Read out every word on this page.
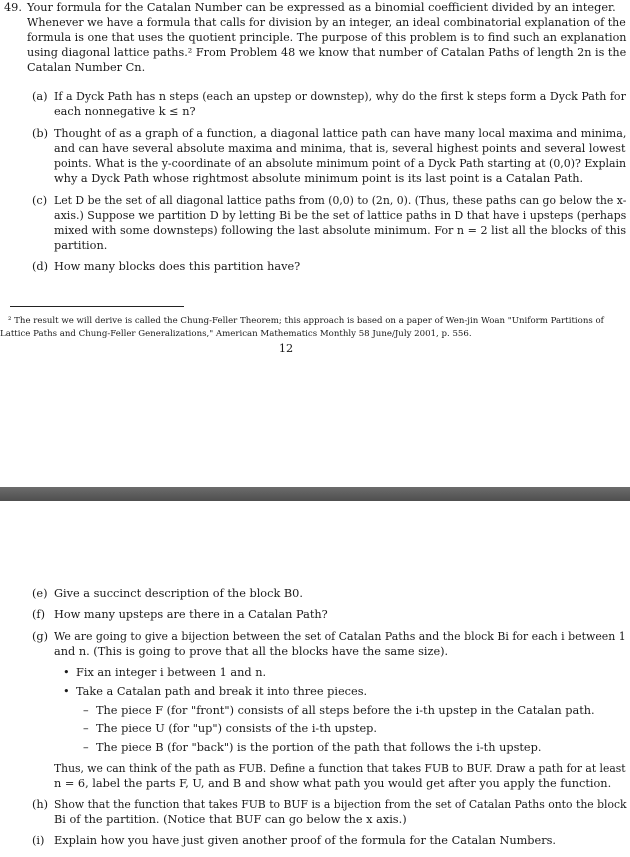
49. Your formula for the Catalan Number can be expressed as a binomial coefficient divided by an integer.
Whenever we have a formula that calls for division by an integer, an ideal combinatorial explanation of the
formula is one that uses the quotient principle. The purpose of this problem is to find such an explanation
using diagonal lattice paths.² From Problem 48 we know that number of Catalan Paths of length 2n is the
Catalan Number Cn.
(a) If a Dyck Path has n steps (each an upstep or downstep), why do the first k steps form a Dyck Path for
each nonnegative k ≤ n?
(b) Thought of as a graph of a function, a diagonal lattice path can have many local maxima and minima,
and can have several absolute maxima and minima, that is, several highest points and several lowest
points. What is the y-coordinate of an absolute minimum point of a Dyck Path starting at (0,0)? Explain
why a Dyck Path whose rightmost absolute minimum point is its last point is a Catalan Path.
(c) Let D be the set of all diagonal lattice paths from (0,0) to (2n, 0). (Thus, these paths can go below the x-
axis.) Suppose we partition D by letting Bi be the set of lattice paths in D that have i upsteps (perhaps
mixed with some downsteps) following the last absolute minimum. For n = 2 list all the blocks of this
partition.
(d) How many blocks does this partition have?
² The result we will derive is called the Chung-Feller Theorem; this approach is based on a paper of Wen-jin Woan "Uniform Partitions of
Lattice Paths and Chung-Feller Generalizations," American Mathematics Monthly 58 June/July 2001, p. 556.
12
(e) Give a succinct description of the block B0.
(f) How many upsteps are there in a Catalan Path?
(g) We are going to give a bijection between the set of Catalan Paths and the block Bi for each i between 1
and n. (This is going to prove that all the blocks have the same size).
• Fix an integer i between 1 and n.
• Take a Catalan path and break it into three pieces.
– The piece F (for "front") consists of all steps before the i-th upstep in the Catalan path.
– The piece U (for "up") consists of the i-th upstep.
– The piece B (for "back") is the portion of the path that follows the i-th upstep.
Thus, we can think of the path as FUB. Define a function that takes FUB to BUF. Draw a path for at least
n = 6, label the parts F, U, and B and show what path you would get after you apply the function.
(h) Show that the function that takes FUB to BUF is a bijection from the set of Catalan Paths onto the block
Bi of the partition. (Notice that BUF can go below the x axis.)
(i) Explain how you have just given another proof of the formula for the Catalan Numbers.
